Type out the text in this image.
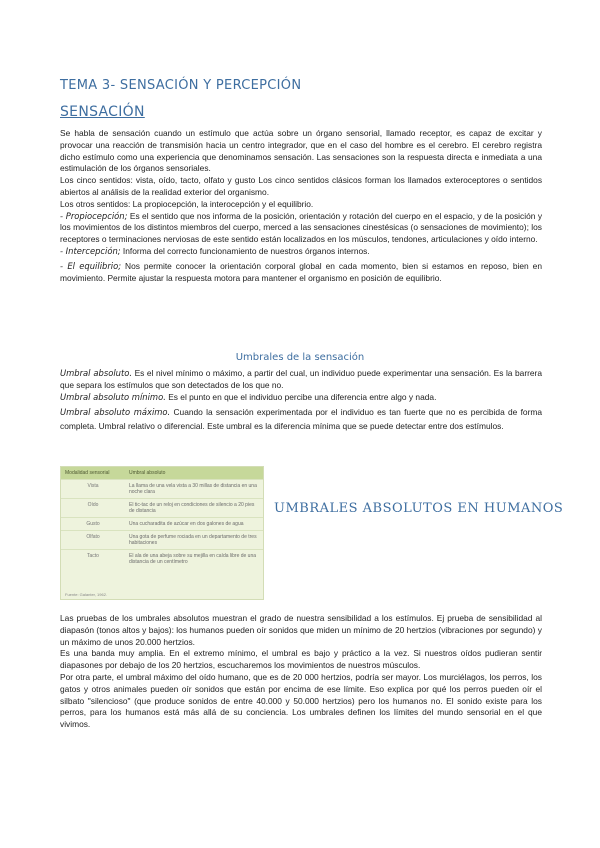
TEMA 3- SENSACIÓN Y PERCEPCIÓN
SENSACIÓN

Se habla de sensación cuando un estímulo que actúa sobre un órgano sensorial, llamado receptor, es capaz de excitar y provocar una reacción de transmisión hacia un centro integrador, que en el caso del hombre es el cerebro. El cerebro registra dicho estímulo como una experiencia que denominamos sensación. Las sensaciones son la respuesta directa e inmediata a una estimulación de los órganos sensoriales.

Los cinco sentidos: vista, oído, tacto, olfato y gusto Los cinco sentidos clásicos forman los llamados exteroceptores o sentidos abiertos al análisis de la realidad exterior del organismo.

Los otros sentidos: La propiocepción, la interocepción y el equilibrio.

- Propiocepción; Es el sentido que nos informa de la posición, orientación y rotación del cuerpo en el espacio, y de la posición y los movimientos de los distintos miembros del cuerpo, merced a las sensaciones cinestésicas (o sensaciones de movimiento); los receptores o terminaciones nerviosas de este sentido están localizados en los músculos, tendones, articulaciones y oído interno.

- Intercepción; Informa del correcto funcionamiento de nuestros órganos internos.

- El equilibrio; Nos permite conocer la orientación corporal global en cada momento, bien si estamos en reposo, bien en movimiento. Permite ajustar la respuesta motora para mantener el organismo en posición de equilibrio.

Umbrales de la sensación

Umbral absoluto. Es el nivel mínimo o máximo, a partir del cual, un individuo puede experimentar una sensación. Es la barrera que separa los estímulos que son detectados de los que no.

Umbral absoluto mínimo. Es el punto en que el individuo percibe una diferencia entre algo y nada.

Umbral absoluto máximo. Cuando la sensación experimentada por el individuo es tan fuerte que no es percibida de forma completa. Umbral relativo o diferencial. Este umbral es la diferencia mínima que se puede detectar entre dos estímulos.

Modalidad sensorial	Umbral absoluto
Vista	La llama de una vela vista a 30 millas de distancia en una noche clara
Oído	El tic-tac de un reloj en condiciones de silencio a 20 pies de distancia
Gusto	Una cucharadita de azúcar en dos galones de agua
Olfato	Una gota de perfume rociada en un departamento de tres habitaciones
Tacto	El ala de una abeja sobre su mejilla en caída libre de una distancia de un centímetro
Fuente: Galanter, 1962.
UMBRALES ABSOLUTOS EN HUMANOS

Las pruebas de los umbrales absolutos muestran el grado de nuestra sensibilidad a los estímulos. Ej prueba de sensibilidad al diapasón (tonos altos y bajos): los humanos pueden oír sonidos que miden un mínimo de 20 hertzios (vibraciones por segundo) y un máximo de unos 20.000 hertzios.

Es una banda muy amplia. En el extremo mínimo, el umbral es bajo y práctico a la vez. Si nuestros oídos pudieran sentir diapasones por debajo de los 20 hertzios, escucharemos los movimientos de nuestros músculos.

Por otra parte, el umbral máximo del oído humano, que es de 20 000 hertzios, podría ser mayor. Los murciélagos, los perros, los gatos y otros animales pueden oír sonidos que están por encima de ese límite. Eso explica por qué los perros pueden oír el silbato "silencioso" (que produce sonidos de entre 40.000 y 50.000 hertzios) pero los humanos no. El sonido existe para los perros, para los humanos está más allá de su conciencia. Los umbrales definen los límites del mundo sensorial en el que vivimos.
